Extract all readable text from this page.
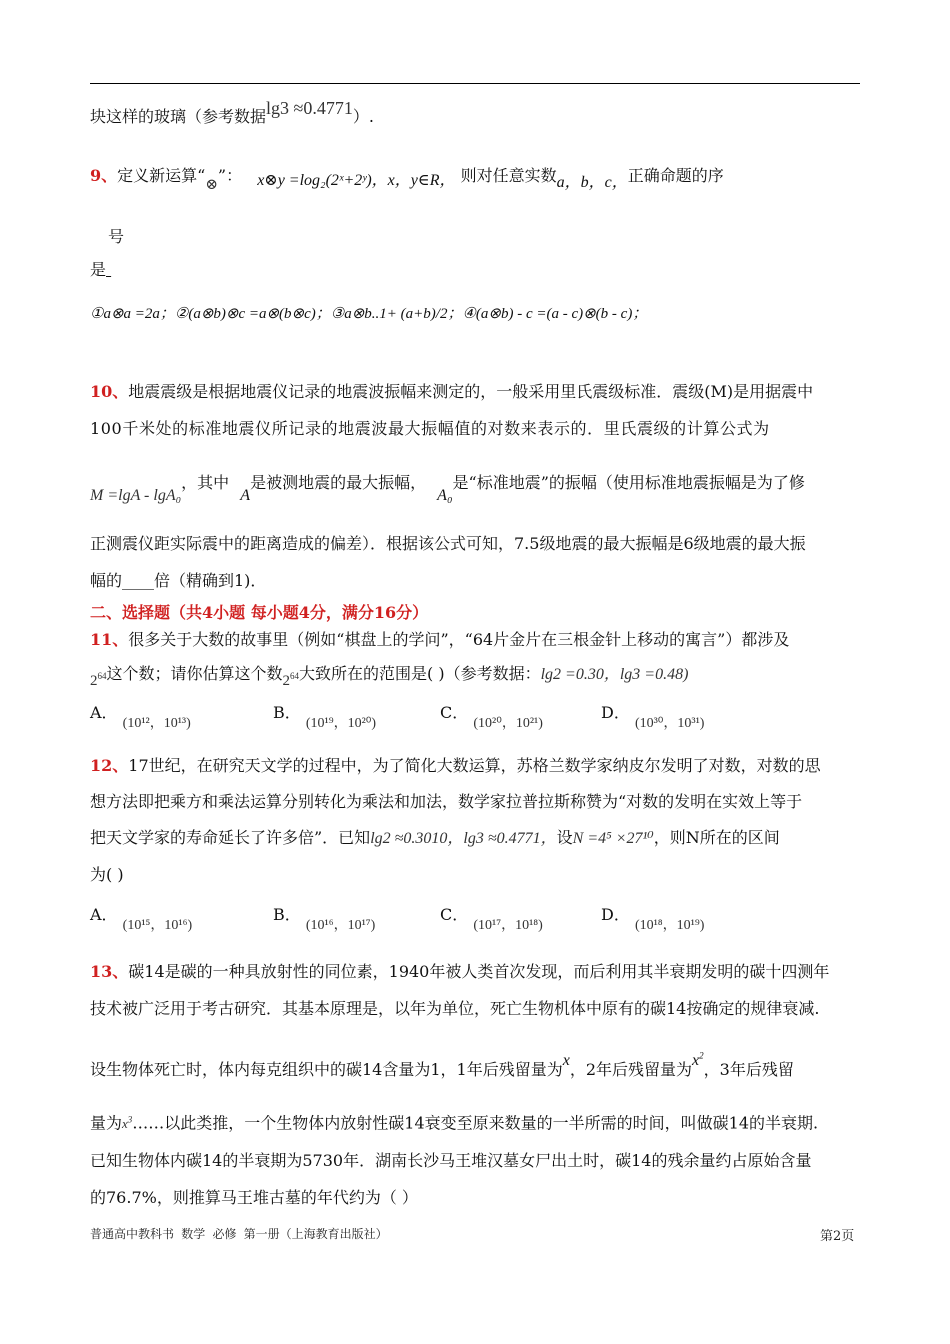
块这样的玻璃（参考数据lg3 ≈0.4771）.
9、定义新运算“⊗”： x⊗y =log₂(2ˣ+2ʸ)，x，y∈R， 则对任意实数a，b，c，正确命题的序
号
是
①a⊗a =2a；②(a⊗b)⊗c =a⊗(b⊗c)；③a⊗b..1+ (a+b)/2；④(a⊗b) - c =(a - c)⊗(b - c)；
10、地震震级是根据地震仪记录的地震波振幅来测定的，一般采用里氏震级标准．震级(M)是用据震中
100千米处的标准地震仪所记录的地震波最大振幅值的对数来表示的．里氏震级的计算公式为
M =lgA - lgA₀，其中 A是被测地震的最大振幅， A₀是“标准地震”的振幅（使用标准地震振幅是为了修
正测震仪距实际震中的距离造成的偏差）．根据该公式可知，7.5级地震的最大振幅是6级地震的最大振
幅的____倍（精确到1)．
二、选择题（共4小题 每小题4分，满分16分）
11、很多关于大数的故事里（例如“棋盘上的学问”，“64片金片在三根金针上移动的寓言”）都涉及
$2^{64}$这个数；请你估算这个数$2^{64}$大致所在的范围是( )（参考数据：lg2 =0.30，lg3 =0.48)
A． (10¹²，10¹³)
B． (10¹⁹，10²⁰)
C． (10²⁰，10²¹)
D． (10³⁰，10³¹)
12、17世纪，在研究天文学的过程中，为了简化大数运算，苏格兰数学家纳皮尔发明了对数，对数的思
想方法即把乘方和乘法运算分别转化为乘法和加法，数学家拉普拉斯称赞为“对数的发明在实效上等于
把天文学家的寿命延长了许多倍”．已知lg2 ≈0.3010，lg3 ≈0.4771，设N =4⁵ ×27¹⁰，则N所在的区间
为( )
A． (10¹⁵，10¹⁶)
B． (10¹⁶，10¹⁷)
C． (10¹⁷，10¹⁸)
D． (10¹⁸，10¹⁹)
13、碳14是碳的一种具放射性的同位素，1940年被人类首次发现，而后利用其半衰期发明的碳十四测年
技术被广泛用于考古研究．其基本原理是，以年为单位，死亡生物机体中原有的碳14按确定的规律衰减.
设生物体死亡时，体内每克组织中的碳14含量为1，1年后残留量为x，2年后残留量为$x^2$，3年后残留
量为$x^3\dots\dots$以此类推，一个生物体内放射性碳14衰变至原来数量的一半所需的时间，叫做碳14的半衰期.
已知生物体内碳14的半衰期为5730年．湖南长沙马王堆汉墓女尸出土时，碳14的残余量约占原始含量
的76.7%，则推算马王堆古墓的年代约为（ ）
普通高中教科书 数学 必修 第一册（上海教育出版社）	第2页
